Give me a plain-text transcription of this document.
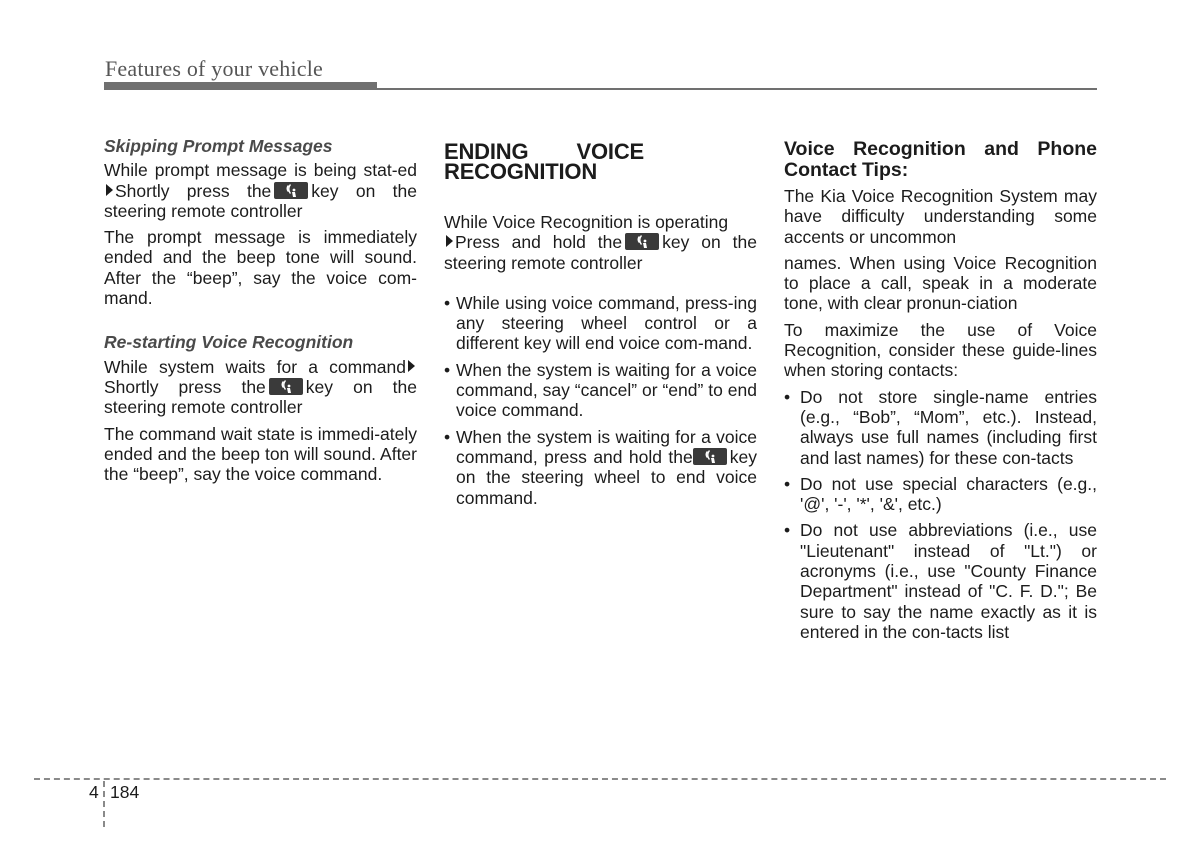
Features of your vehicle

Skipping Prompt Messages

While prompt message is being stat-edShortly press the key on the steering remote controller

The prompt message is immediately ended and the beep tone will sound. After the “beep”, say the voice com-mand.

Re-starting Voice Recognition

While system waits for a command Shortly press the key on the steering remote controller

The command wait state is immedi-ately ended and the beep ton will sound. After the “beep”, say the voice command.

ENDING VOICE RECOGNITION

While Voice Recognition is operating
Press and hold the key on the steering remote controller

• While using voice command, press-ing any steering wheel control or a different key will end voice com-mand.
• When the system is waiting for a voice command, say “cancel” or “end” to end voice command.
• When the system is waiting for a voice command, press and hold the key on the steering wheel to end voice command.

Voice Recognition and Phone Contact Tips:

The Kia Voice Recognition System may have difficulty understanding some accents or uncommon

names. When using Voice Recognition to place a call, speak in a moderate tone, with clear pronun-ciation

To maximize the use of Voice Recognition, consider these guide-lines when storing contacts:

• Do not store single-name entries (e.g., “Bob”, “Mom”, etc.). Instead, always use full names (including first and last names) for these con-tacts
• Do not use special characters (e.g., '@', '-', '*', '&', etc.)
• Do not use abbreviations (i.e., use "Lieutenant" instead of "Lt.") or acronyms (i.e., use "County Finance Department" instead of "C. F. D."; Be sure to say the name exactly as it is entered in the con-tacts list
4 184
